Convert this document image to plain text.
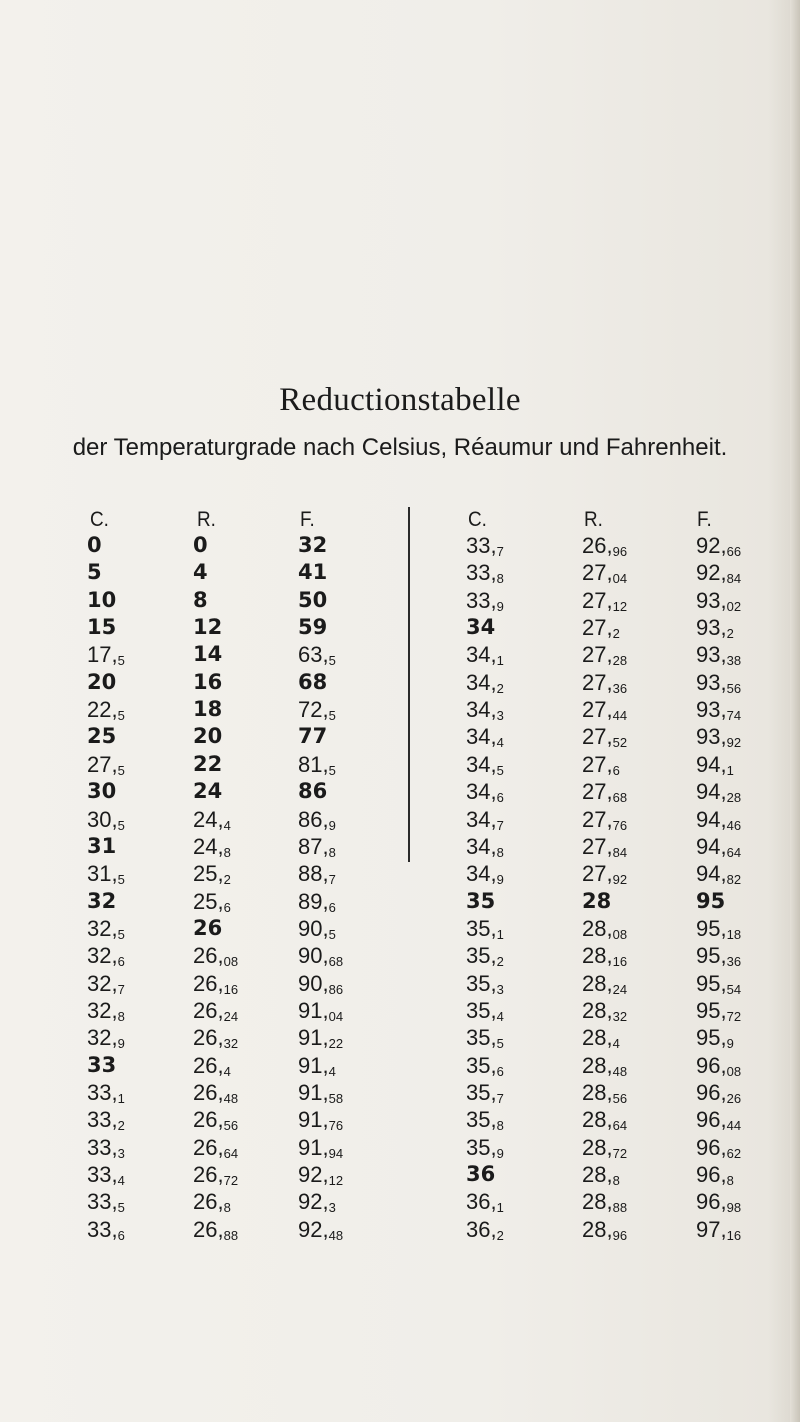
Reductionstabelle
der Temperaturgrade nach Celsius, Réaumur und Fahrenheit.
C.	R.	F.	C.	R.	F.
0	0	32
5	4	41
10	8	50
15	12	59
$17,_5$	14	$63,_5$
20	16	68
$22,_5$	18	$72,_5$
25	20	77
$27,_5$	22	$81,_5$
30	24	86
$30,_5$	$24,_4$	$86,_9$
31	$24,_8$	$87,_8$
$31,_5$	$25,_2$	$88,_7$
32	$25,_6$	$89,_6$
$32,_5$	26	$90,_5$
$32,_6$	$26,_{08}$	$90,_{68}$
$32,_7$	$26,_{16}$	$90,_{86}$
$32,_8$	$26,_{24}$	$91,_{04}$
$32,_9$	$26,_{32}$	$91,_{22}$
33	$26,_4$	$91,_4$
$33,_1$	$26,_{48}$	$91,_{58}$
$33,_2$	$26,_{56}$	$91,_{76}$
$33,_3$	$26,_{64}$	$91,_{94}$
$33,_4$	$26,_{72}$	$92,_{12}$
$33,_5$	$26,_8$	$92,_3$
$33,_6$	$26,_{88}$	$92,_{48}$
$33,_7$	$26,_{96}$	$92,_{66}$
$33,_8$	$27,_{04}$	$92,_{84}$
$33,_9$	$27,_{12}$	$93,_{02}$
34	$27,_2$	$93,_2$
$34,_1$	$27,_{28}$	$93,_{38}$
$34,_2$	$27,_{36}$	$93,_{56}$
$34,_3$	$27,_{44}$	$93,_{74}$
$34,_4$	$27,_{52}$	$93,_{92}$
$34,_5$	$27,_6$	$94,_1$
$34,_6$	$27,_{68}$	$94,_{28}$
$34,_7$	$27,_{76}$	$94,_{46}$
$34,_8$	$27,_{84}$	$94,_{64}$
$34,_9$	$27,_{92}$	$94,_{82}$
35	28	95
$35,_1$	$28,_{08}$	$95,_{18}$
$35,_2$	$28,_{16}$	$95,_{36}$
$35,_3$	$28,_{24}$	$95,_{54}$
$35,_4$	$28,_{32}$	$95,_{72}$
$35,_5$	$28,_4$	$95,_9$
$35,_6$	$28,_{48}$	$96,_{08}$
$35,_7$	$28,_{56}$	$96,_{26}$
$35,_8$	$28,_{64}$	$96,_{44}$
$35,_9$	$28,_{72}$	$96,_{62}$
36	$28,_8$	$96,_8$
$36,_1$	$28,_{88}$	$96,_{98}$
$36,_2$	$28,_{96}$	$97,_{16}$
